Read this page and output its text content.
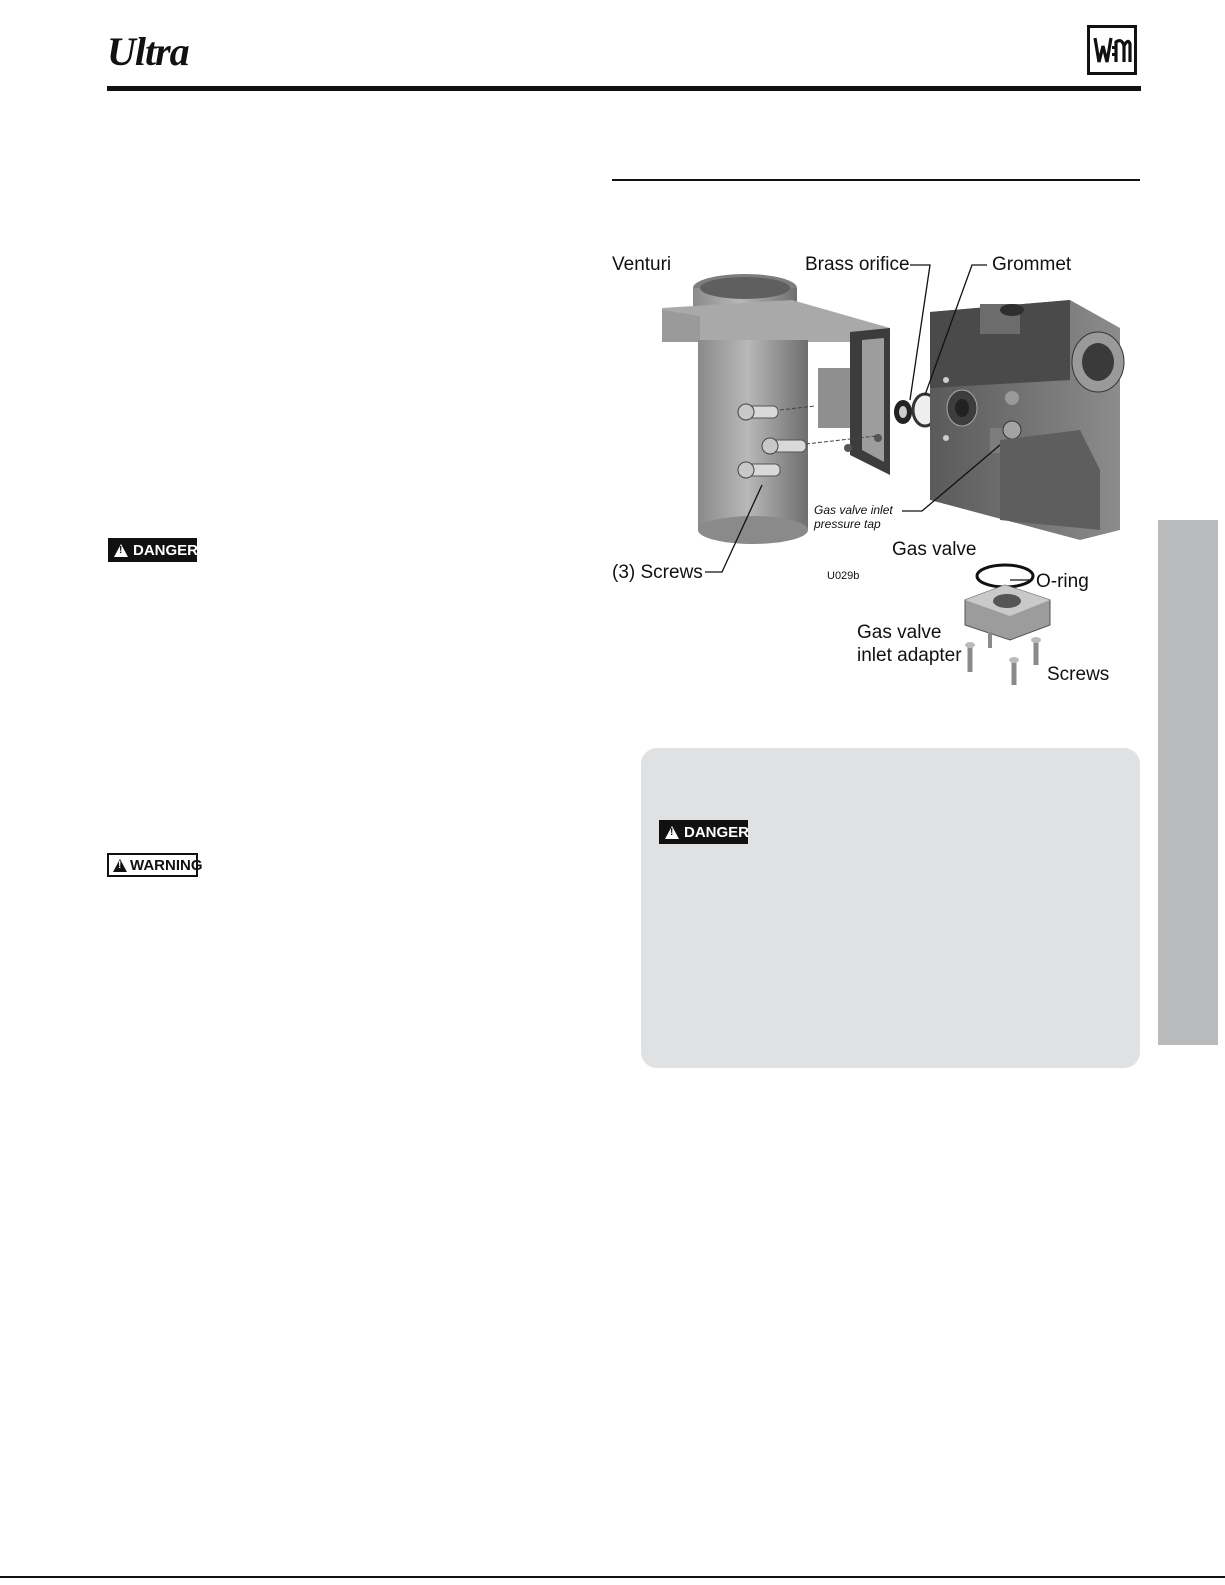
Ultra
! DANGER
! WARNING
Venturi	Brass orifice	Grommet
Gas valve inlet
pressure tap
Gas valve
(3) Screws	U029b	O-ring
Gas valve
inlet adapter
Screws
! DANGER
